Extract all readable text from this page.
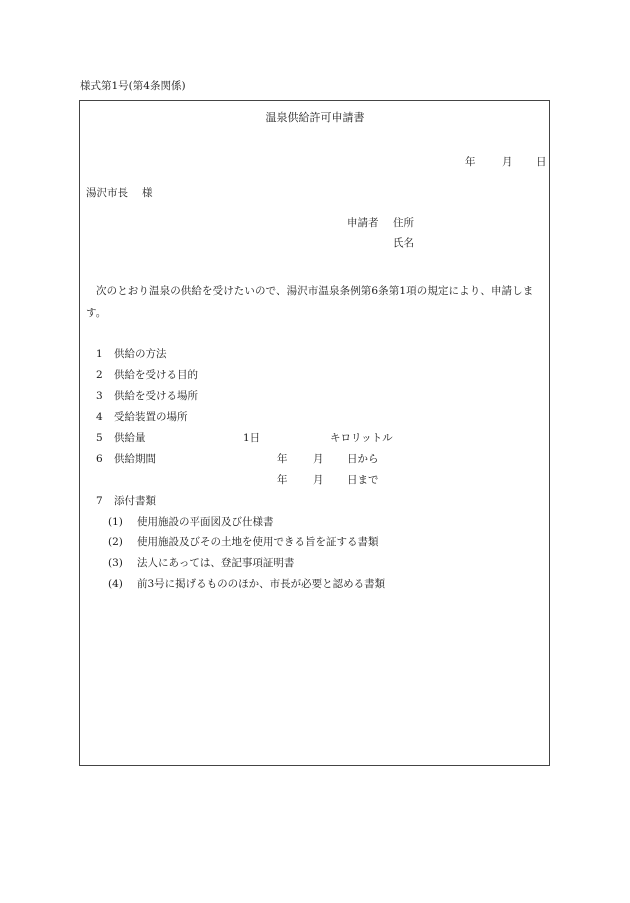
様式第1号(第4条関係)
温泉供給許可申請書
年	月 日
湯沢市長 様
申請者 住所
氏名
次のとおり温泉の供給を受けたいので、湯沢市温泉条例第6条第1項の規定により、申請します。
1 供給の方法
2 供給を受ける目的
3 供給を受ける場所
4 受給装置の場所
5 供給量	1日	キロリットル
6 供給期間	年 月 日から
年 月 日まで
7 添付書類
(1) 使用施設の平面図及び仕様書
(2) 使用施設及びその土地を使用できる旨を証する書類
(3) 法人にあっては、登記事項証明書
(4) 前3号に掲げるもののほか、市長が必要と認める書類
